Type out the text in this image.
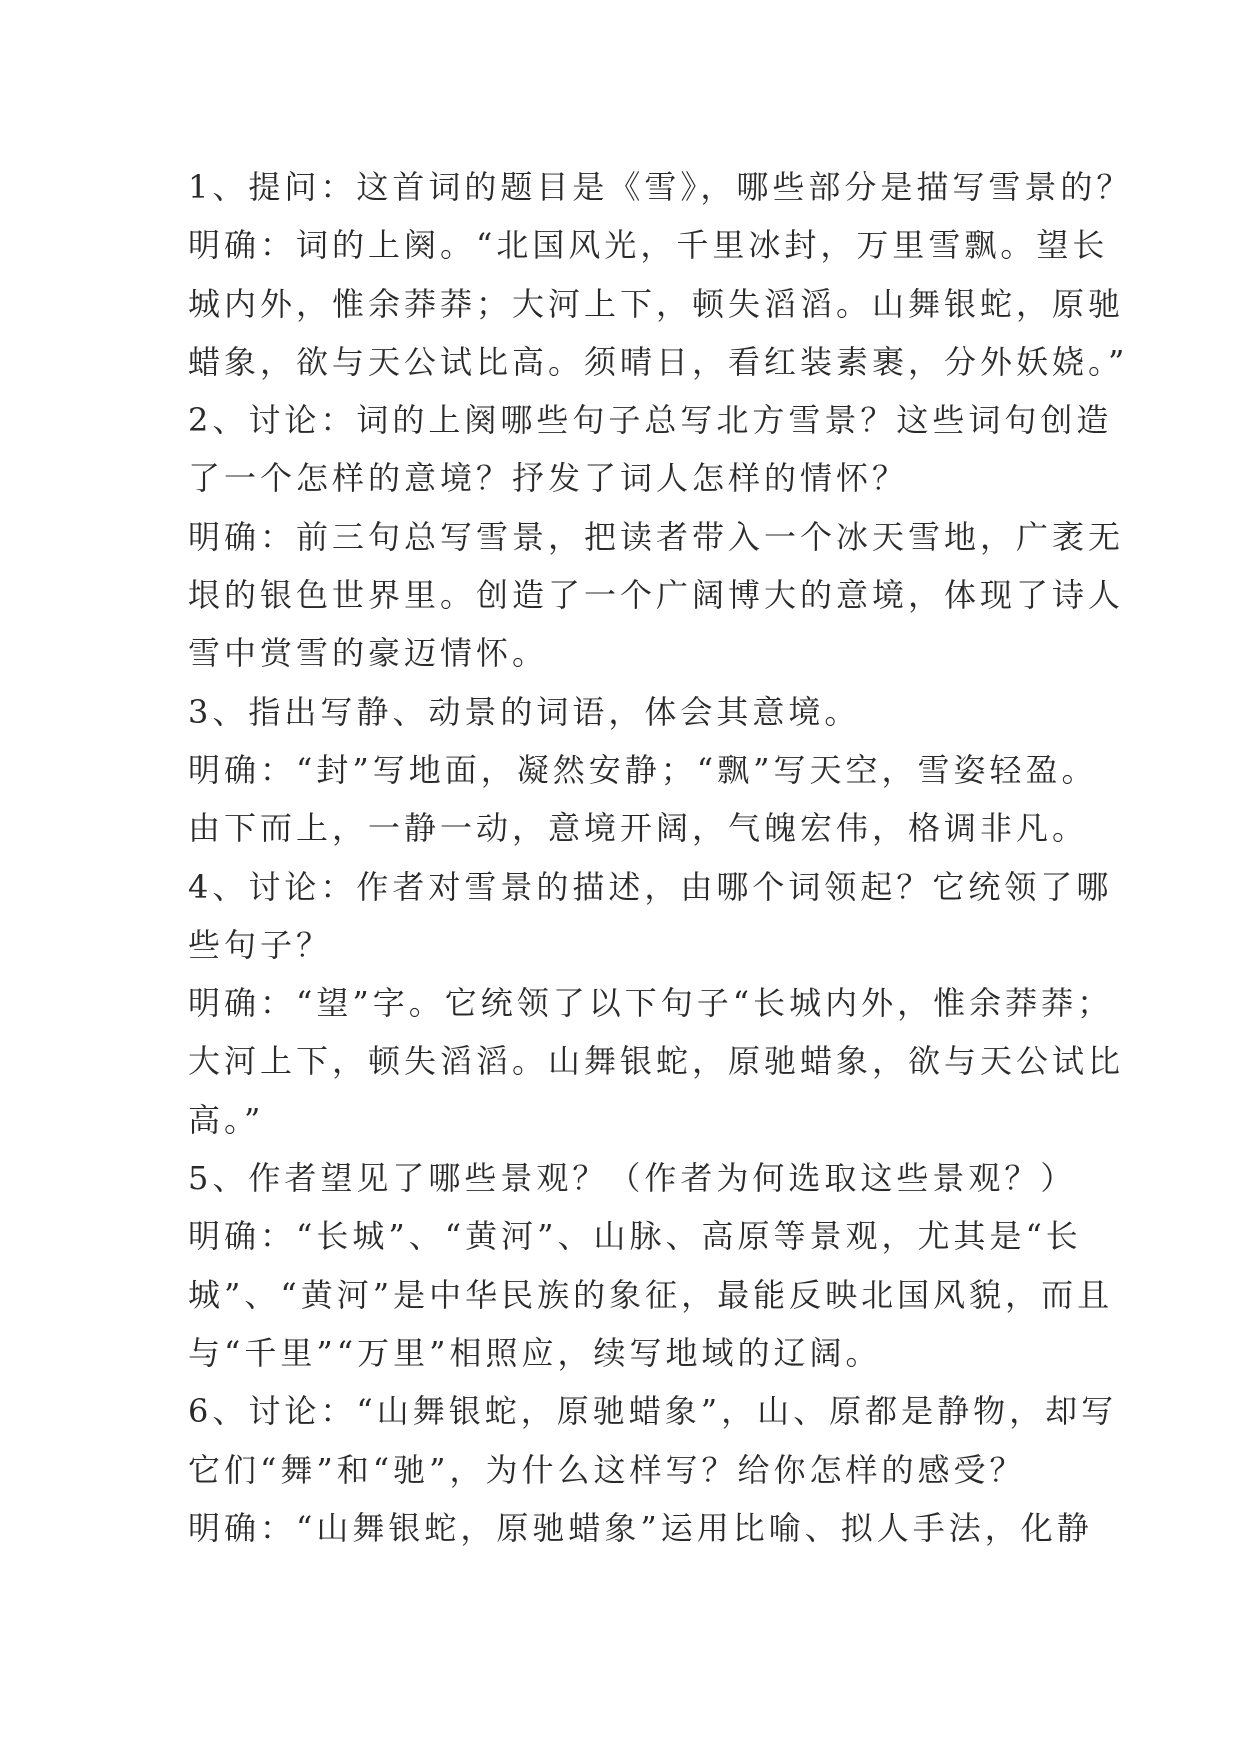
1、提问：这首词的题目是《雪》，哪些部分是描写雪景的？
明确：词的上阕。“北国风光，千里冰封，万里雪飘。望长
城内外，惟余莽莽；大河上下，顿失滔滔。山舞银蛇，原驰
蜡象，欲与天公试比高。须晴日，看红装素裹，分外妖娆。”
2、讨论：词的上阕哪些句子总写北方雪景？这些词句创造
了一个怎样的意境？抒发了词人怎样的情怀？
明确：前三句总写雪景，把读者带入一个冰天雪地，广袤无
垠的银色世界里。创造了一个广阔博大的意境，体现了诗人
雪中赏雪的豪迈情怀。
3、指出写静、动景的词语，体会其意境。
明确：“封”写地面，凝然安静；“飘”写天空，雪姿轻盈。
由下而上，一静一动，意境开阔，气魄宏伟，格调非凡。
4、讨论：作者对雪景的描述，由哪个词领起？它统领了哪
些句子？
明确：“望”字。它统领了以下句子“长城内外，惟余莽莽；
大河上下，顿失滔滔。山舞银蛇，原驰蜡象，欲与天公试比
高。”
5、作者望见了哪些景观？（作者为何选取这些景观？）
明确：“长城”、“黄河”、山脉、高原等景观，尤其是“长
城”、“黄河”是中华民族的象征，最能反映北国风貌，而且
与“千里”“万里”相照应，续写地域的辽阔。
6、讨论：“山舞银蛇，原驰蜡象”，山、原都是静物，却写
它们“舞”和“驰”，为什么这样写？给你怎样的感受？
明确：“山舞银蛇，原驰蜡象”运用比喻、拟人手法，化静
